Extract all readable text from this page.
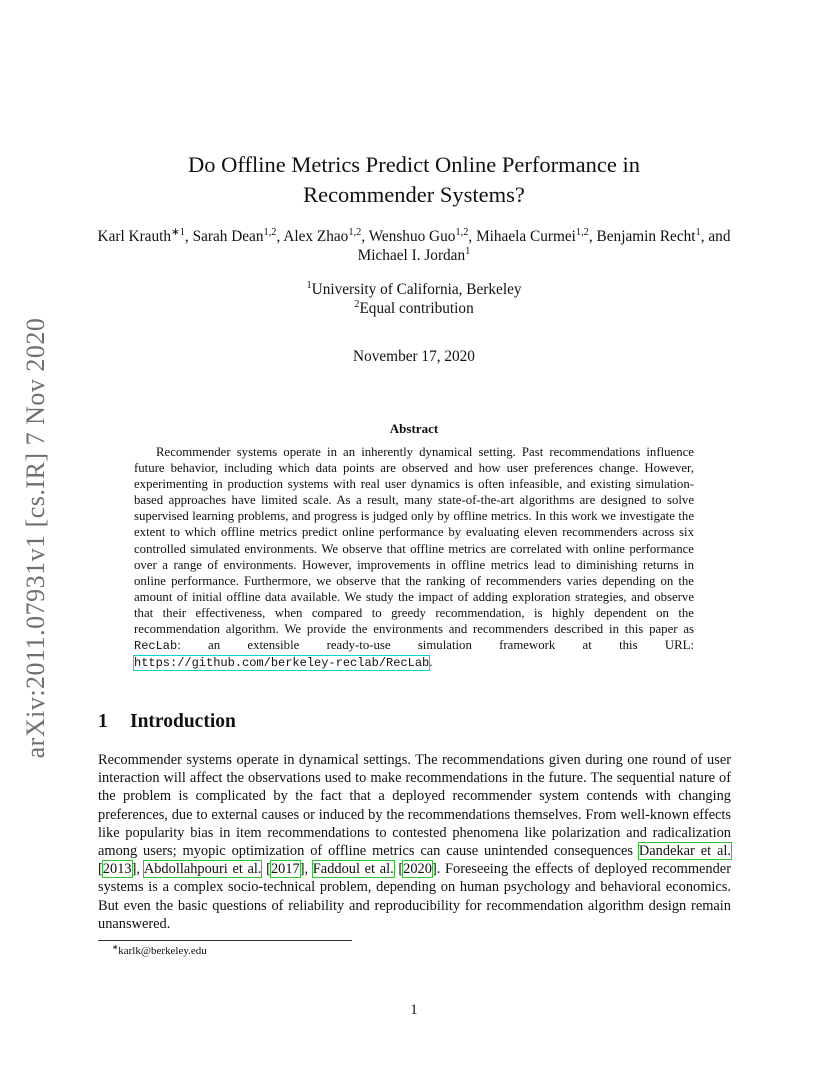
arXiv:2011.07931v1 [cs.IR] 7 Nov 2020
Do Offline Metrics Predict Online Performance in
Recommender Systems?

Karl Krauth$^{∗1}$, Sarah Dean$^{1,2}$, Alex Zhao$^{1,2}$, Wenshuo Guo$^{1,2}$, Mihaela Curmei$^{1,2}$, Benjamin Recht$^1$, and Michael I. Jordan$^1$

$^1$University of California, Berkeley
$^2$Equal contribution
November 17, 2020
Abstract

Recommender systems operate in an inherently dynamical setting. Past recommendations influence future behavior, including which data points are observed and how user preferences change. However, experimenting in production systems with real user dynamics is often infeasible, and existing simulation-based approaches have limited scale. As a result, many state-of-the-art algorithms are designed to solve supervised learning problems, and progress is judged only by offline metrics. In this work we investigate the extent to which offline metrics predict online performance by evaluating eleven recommenders across six controlled simulated environments. We observe that offline metrics are correlated with online performance over a range of environments. However, improvements in offline metrics lead to diminishing returns in online performance. Furthermore, we observe that the ranking of recommenders varies depending on the amount of initial offline data available. We study the impact of adding exploration strategies, and observe that their effectiveness, when compared to greedy recommendation, is highly dependent on the recommendation algorithm. We provide the environments and recommenders described in this paper as RecLab: an extensible ready-to-use simulation framework at this URL: https://github.com/berkeley-reclab/RecLab.

1 Introduction

Recommender systems operate in dynamical settings. The recommendations given during one round of user interaction will affect the observations used to make recommendations in the future. The sequential nature of the problem is complicated by the fact that a deployed recommender system contends with changing preferences, due to external causes or induced by the recommendations themselves. From well-known effects like popularity bias in item recommendations to contested phenomena like polarization and radicalization among users; myopic optimization of offline metrics can cause unintended consequences Dandekar et al. [2013], Abdollahpouri et al. [2017], Faddoul et al. [2020]. Foreseeing the effects of deployed recommender systems is a complex socio-technical problem, depending on human psychology and behavioral economics. But even the basic questions of reliability and reproducibility for recommendation algorithm design remain unanswered.

∗karlk@berkeley.edu
1
